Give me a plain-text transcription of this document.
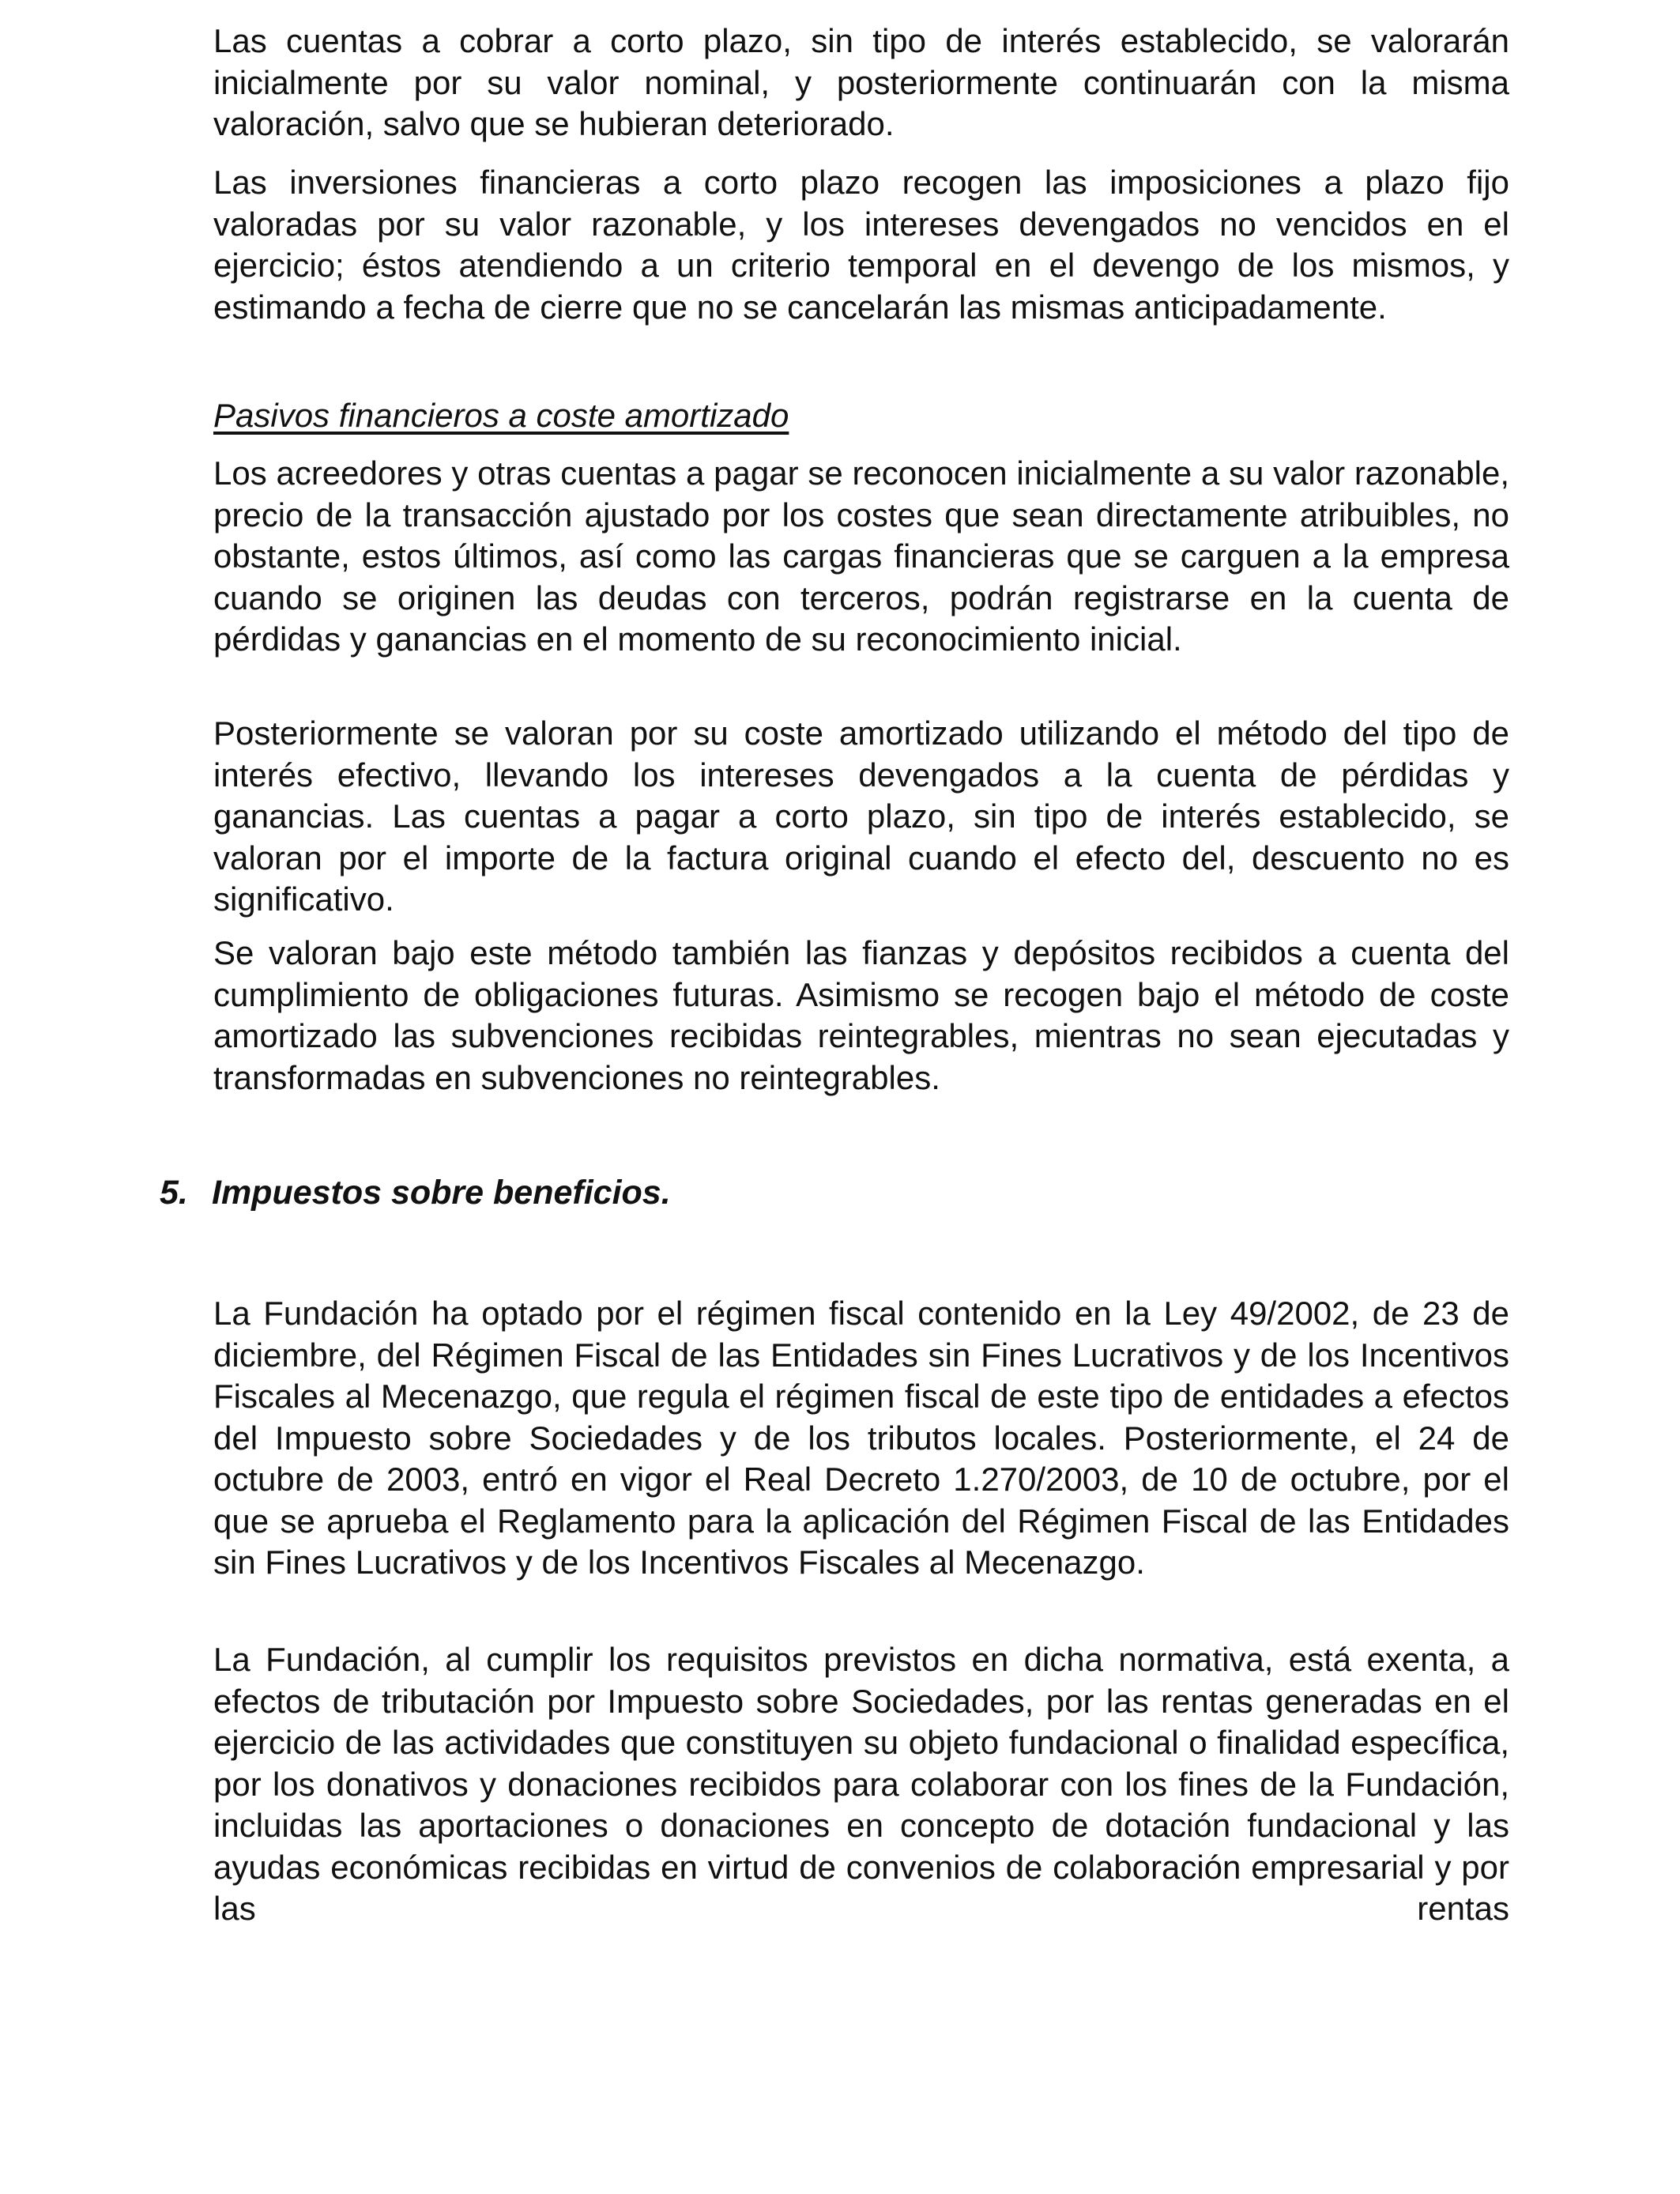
Las cuentas a cobrar a corto plazo, sin tipo de interés establecido, se valorarán inicialmente por su valor nominal, y posteriormente continuarán con la misma valoración, salvo que se hubieran deteriorado.

Las inversiones financieras a corto plazo recogen las imposiciones a plazo fijo valoradas por su valor razonable, y los intereses devengados no vencidos en el ejercicio; éstos atendiendo a un criterio temporal en el devengo de los mismos, y estimando a fecha de cierre que no se cancelarán las mismas anticipadamente.

Pasivos financieros a coste amortizado

Los acreedores y otras cuentas a pagar se reconocen inicialmente a su valor razonable, precio de la transacción ajustado por los costes que sean directamente atribuibles, no obstante, estos últimos, así como las cargas financieras que se carguen a la empresa cuando se originen las deudas con terceros, podrán registrarse en la cuenta de pérdidas y ganancias en el momento de su reconocimiento inicial.

Posteriormente se valoran por su coste amortizado utilizando el método del tipo de interés efectivo, llevando los intereses devengados a la cuenta de pérdidas y ganancias. Las cuentas a pagar a corto plazo, sin tipo de interés establecido, se valoran por el importe de la factura original cuando el efecto del, descuento no es significativo.

Se valoran bajo este método también las fianzas y depósitos recibidos a cuenta del cumplimiento de obligaciones futuras. Asimismo se recogen bajo el método de coste amortizado las subvenciones recibidas reintegrables, mientras no sean ejecutadas y transformadas en subvenciones no reintegrables.

5. Impuestos sobre beneficios.

La Fundación ha optado por el régimen fiscal contenido en la Ley 49/2002, de 23 de diciembre, del Régimen Fiscal de las Entidades sin Fines Lucrativos y de los Incentivos Fiscales al Mecenazgo, que regula el régimen fiscal de este tipo de entidades a efectos del Impuesto sobre Sociedades y de los tributos locales. Posteriormente, el 24 de octubre de 2003, entró en vigor el Real Decreto 1.270/2003, de 10 de octubre, por el que se aprueba el Reglamento para la aplicación del Régimen Fiscal de las Entidades sin Fines Lucrativos y de los Incentivos Fiscales al Mecenazgo.

La Fundación, al cumplir los requisitos previstos en dicha normativa, está exenta, a efectos de tributación por Impuesto sobre Sociedades, por las rentas generadas en el ejercicio de las actividades que constituyen su objeto fundacional o finalidad específica, por los donativos y donaciones recibidos para colaborar con los fines de la Fundación, incluidas las aportaciones o donaciones en concepto de dotación fundacional y las ayudas económicas recibidas en virtud de convenios de colaboración empresarial y por las rentas
